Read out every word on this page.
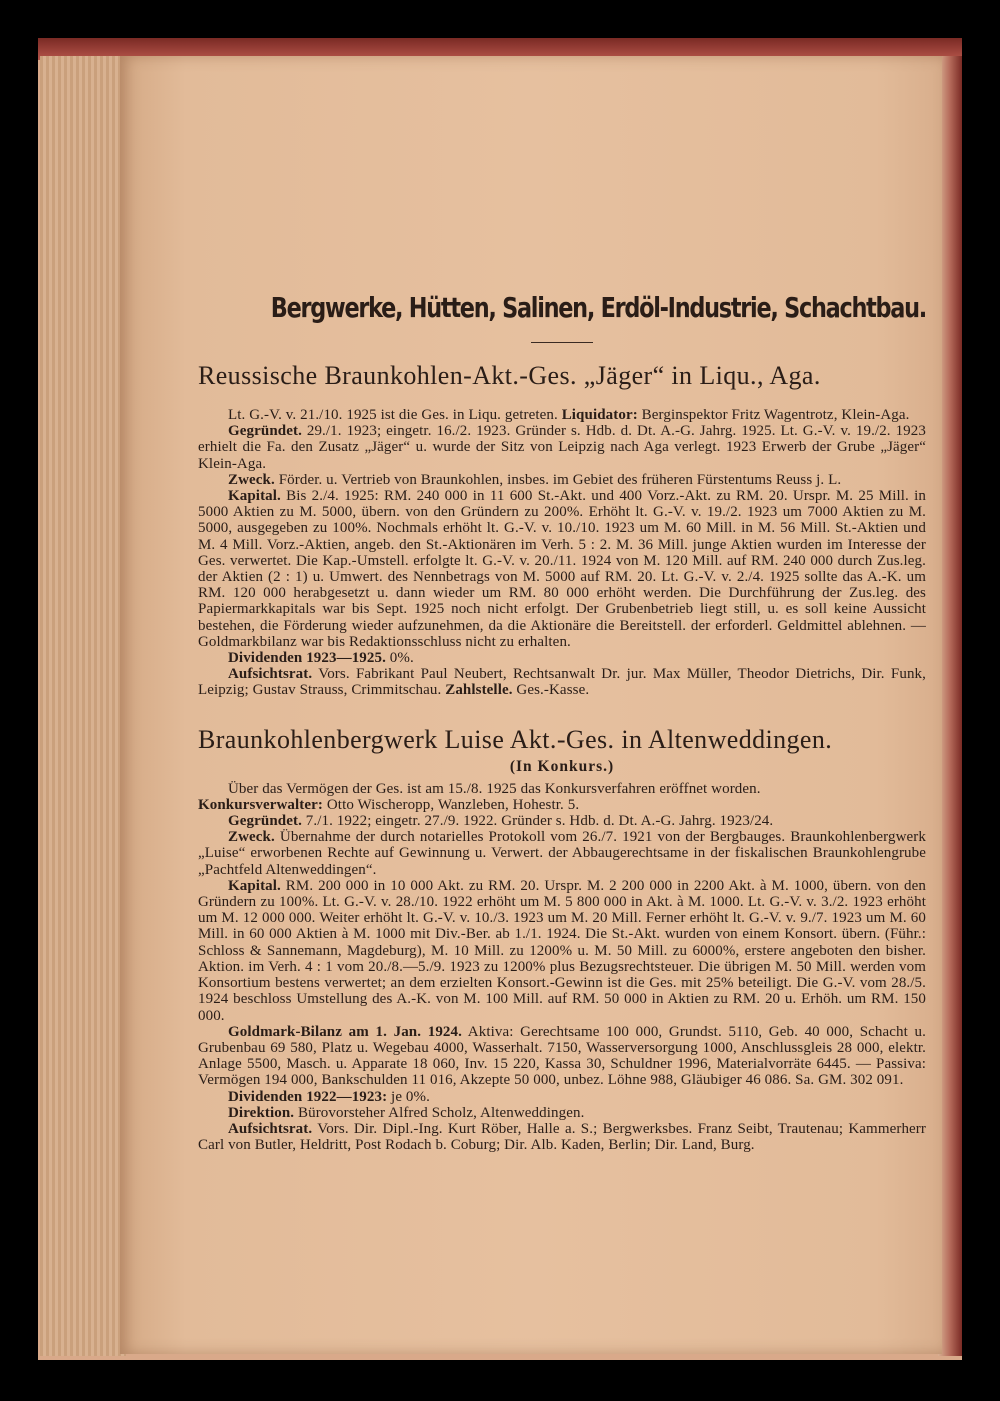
Bergwerke, Hütten, Salinen, Erdöl-Industrie, Schachtbau.
Reussische Braunkohlen-Akt.-Ges. „Jäger“ in Liqu., Aga.

Lt. G.-V. v. 21./10. 1925 ist die Ges. in Liqu. getreten. Liquidator: Berginspektor Fritz Wagentrotz, Klein-Aga.

Gegründet. 29./1. 1923; eingetr. 16./2. 1923. Gründer s. Hdb. d. Dt. A.-G. Jahrg. 1925. Lt. G.-V. v. 19./2. 1923 erhielt die Fa. den Zusatz „Jäger“ u. wurde der Sitz von Leipzig nach Aga verlegt. 1923 Erwerb der Grube „Jäger“ Klein-Aga.

Zweck. Förder. u. Vertrieb von Braunkohlen, insbes. im Gebiet des früheren Fürstentums Reuss j. L.

Kapital. Bis 2./4. 1925: RM. 240 000 in 11 600 St.-Akt. und 400 Vorz.-Akt. zu RM. 20. Urspr. M. 25 Mill. in 5000 Aktien zu M. 5000, übern. von den Gründern zu 200%. Erhöht lt. G.-V. v. 19./2. 1923 um 7000 Aktien zu M. 5000, ausgegeben zu 100%. Nochmals erhöht lt. G.-V. v. 10./10. 1923 um M. 60 Mill. in M. 56 Mill. St.-Aktien und M. 4 Mill. Vorz.-Aktien, angeb. den St.-Aktionären im Verh. 5 : 2. M. 36 Mill. junge Aktien wurden im Interesse der Ges. verwertet. Die Kap.-Umstell. erfolgte lt. G.-V. v. 20./11. 1924 von M. 120 Mill. auf RM. 240 000 durch Zus.leg. der Aktien (2 : 1) u. Umwert. des Nennbetrags von M. 5000 auf RM. 20. Lt. G.-V. v. 2./4. 1925 sollte das A.-K. um RM. 120 000 herabgesetzt u. dann wieder um RM. 80 000 erhöht werden. Die Durchführung der Zus.leg. des Papiermarkkapitals war bis Sept. 1925 noch nicht erfolgt. Der Grubenbetrieb liegt still, u. es soll keine Aussicht bestehen, die Förderung wieder aufzunehmen, da die Aktionäre die Bereitstell. der erforderl. Geldmittel ablehnen. — Goldmarkbilanz war bis Redaktionsschluss nicht zu erhalten.

Dividenden 1923—1925. 0%.

Aufsichtsrat. Vors. Fabrikant Paul Neubert, Rechtsanwalt Dr. jur. Max Müller, Theodor Dietrichs, Dir. Funk, Leipzig; Gustav Strauss, Crimmitschau. Zahlstelle. Ges.-Kasse.

Braunkohlenbergwerk Luise Akt.-Ges. in Altenweddingen.
(In Konkurs.)

Über das Vermögen der Ges. ist am 15./8. 1925 das Konkursverfahren eröffnet worden.

Konkursverwalter: Otto Wischeropp, Wanzleben, Hohestr. 5.

Gegründet. 7./1. 1922; eingetr. 27./9. 1922. Gründer s. Hdb. d. Dt. A.-G. Jahrg. 1923/24.

Zweck. Übernahme der durch notarielles Protokoll vom 26./7. 1921 von der Bergbauges. Braunkohlenbergwerk „Luise“ erworbenen Rechte auf Gewinnung u. Verwert. der Abbaugerechtsame in der fiskalischen Braunkohlengrube „Pachtfeld Altenweddingen“.

Kapital. RM. 200 000 in 10 000 Akt. zu RM. 20. Urspr. M. 2 200 000 in 2200 Akt. à M. 1000, übern. von den Gründern zu 100%. Lt. G.-V. v. 28./10. 1922 erhöht um M. 5 800 000 in Akt. à M. 1000. Lt. G.-V. v. 3./2. 1923 erhöht um M. 12 000 000. Weiter erhöht lt. G.-V. v. 10./3. 1923 um M. 20 Mill. Ferner erhöht lt. G.-V. v. 9./7. 1923 um M. 60 Mill. in 60 000 Aktien à M. 1000 mit Div.-Ber. ab 1./1. 1924. Die St.-Akt. wurden von einem Konsort. übern. (Führ.: Schloss & Sannemann, Magdeburg), M. 10 Mill. zu 1200% u. M. 50 Mill. zu 6000%, erstere angeboten den bisher. Aktion. im Verh. 4 : 1 vom 20./8.—5./9. 1923 zu 1200% plus Bezugsrechtsteuer. Die übrigen M. 50 Mill. werden vom Konsortium bestens verwertet; an dem erzielten Konsort.-Gewinn ist die Ges. mit 25% beteiligt. Die G.-V. vom 28./5. 1924 beschloss Umstellung des A.-K. von M. 100 Mill. auf RM. 50 000 in Aktien zu RM. 20 u. Erhöh. um RM. 150 000.

Goldmark-Bilanz am 1. Jan. 1924. Aktiva: Gerechtsame 100 000, Grundst. 5110, Geb. 40 000, Schacht u. Grubenbau 69 580, Platz u. Wegebau 4000, Wasserhalt. 7150, Wasserversorgung 1000, Anschlussgleis 28 000, elektr. Anlage 5500, Masch. u. Apparate 18 060, Inv. 15 220, Kassa 30, Schuldner 1996, Materialvorräte 6445. — Passiva: Vermögen 194 000, Bankschulden 11 016, Akzepte 50 000, unbez. Löhne 988, Gläubiger 46 086. Sa. GM. 302 091.

Dividenden 1922—1923: je 0%.

Direktion. Bürovorsteher Alfred Scholz, Altenweddingen.

Aufsichtsrat. Vors. Dir. Dipl.-Ing. Kurt Röber, Halle a. S.; Bergwerksbes. Franz Seibt, Trautenau; Kammerherr Carl von Butler, Heldritt, Post Rodach b. Coburg; Dir. Alb. Kaden, Berlin; Dir. Land, Burg.
